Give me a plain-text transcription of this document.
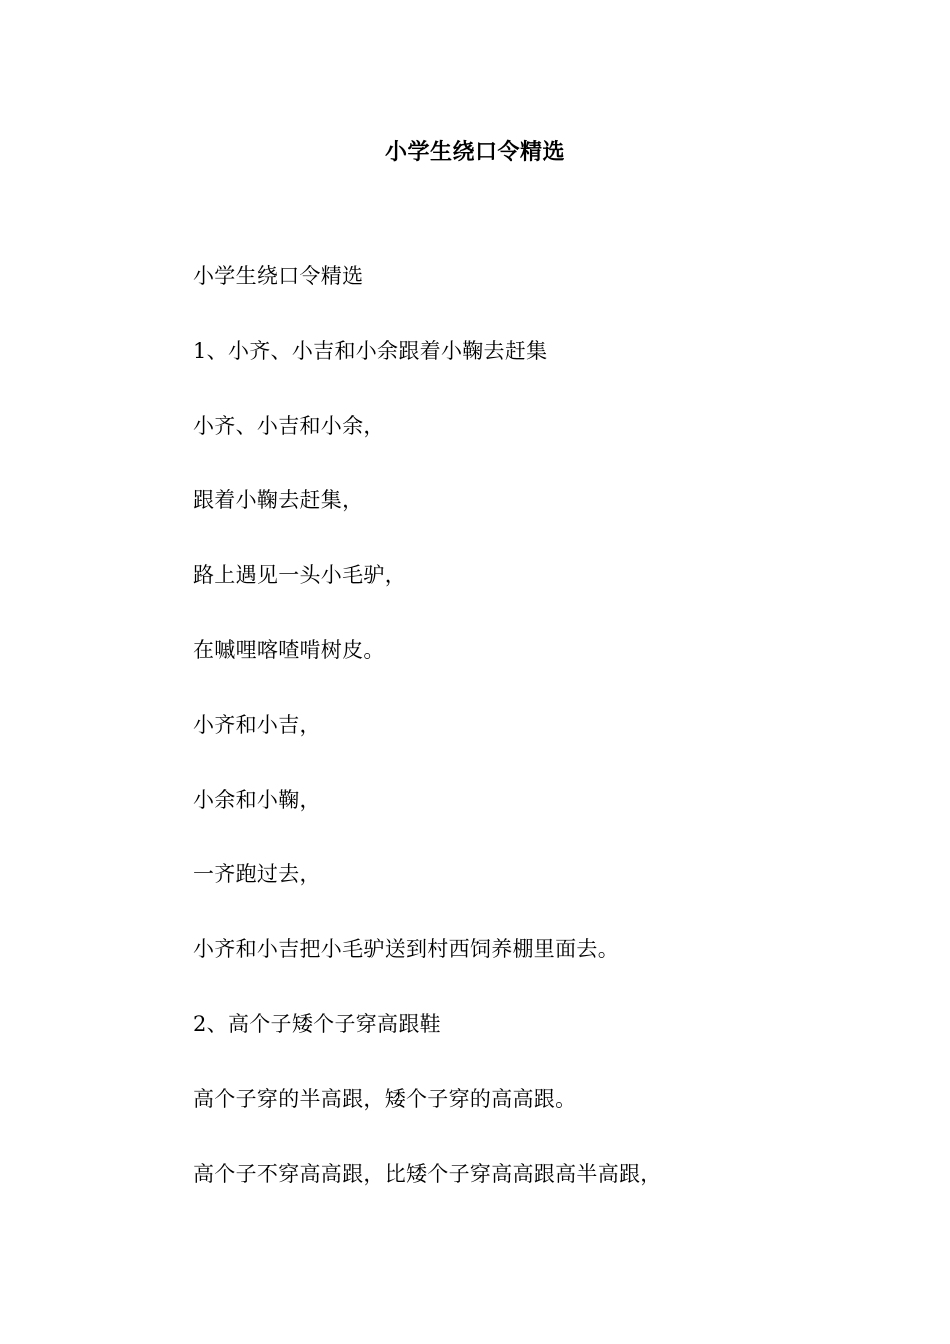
小学生绕口令精选
小学生绕口令精选
1、小齐、小吉和小余跟着小鞠去赶集
小齐、小吉和小余，
跟着小鞠去赶集，
路上遇见一头小毛驴，
在嘁哩喀喳啃树皮。
小齐和小吉，
小余和小鞠，
一齐跑过去，
小齐和小吉把小毛驴送到村西饲养棚里面去。
2、高个子矮个子穿高跟鞋
高个子穿的半高跟，矮个子穿的高高跟。
高个子不穿高高跟，比矮个子穿高高跟高半高跟，
